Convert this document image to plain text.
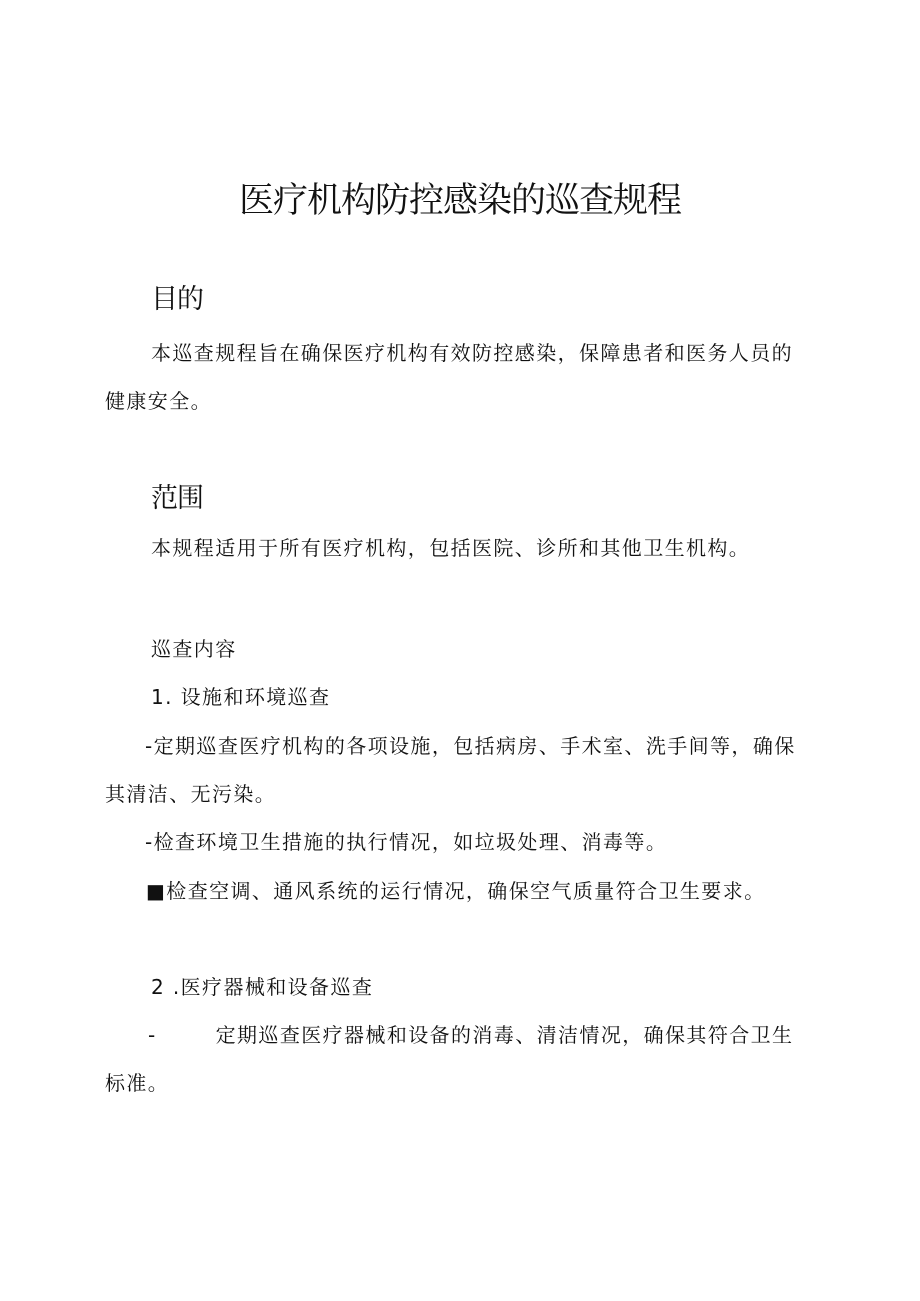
医疗机构防控感染的巡查规程
目的
本巡查规程旨在确保医疗机构有效防控感染，保障患者和医务人员的
健康安全。
范围
本规程适用于所有医疗机构，包括医院、诊所和其他卫生机构。
巡查内容
1. 设施和环境巡查
-定期巡查医疗机构的各项设施，包括病房、手术室、洗手间等，确保
其清洁、无污染。
-检查环境卫生措施的执行情况，如垃圾处理、消毒等。
■检查空调、通风系统的运行情况，确保空气质量符合卫生要求。
2 .医疗器械和设备巡查
-	定期巡查医疗器械和设备的消毒、清洁情况，确保其符合卫生
标准。
